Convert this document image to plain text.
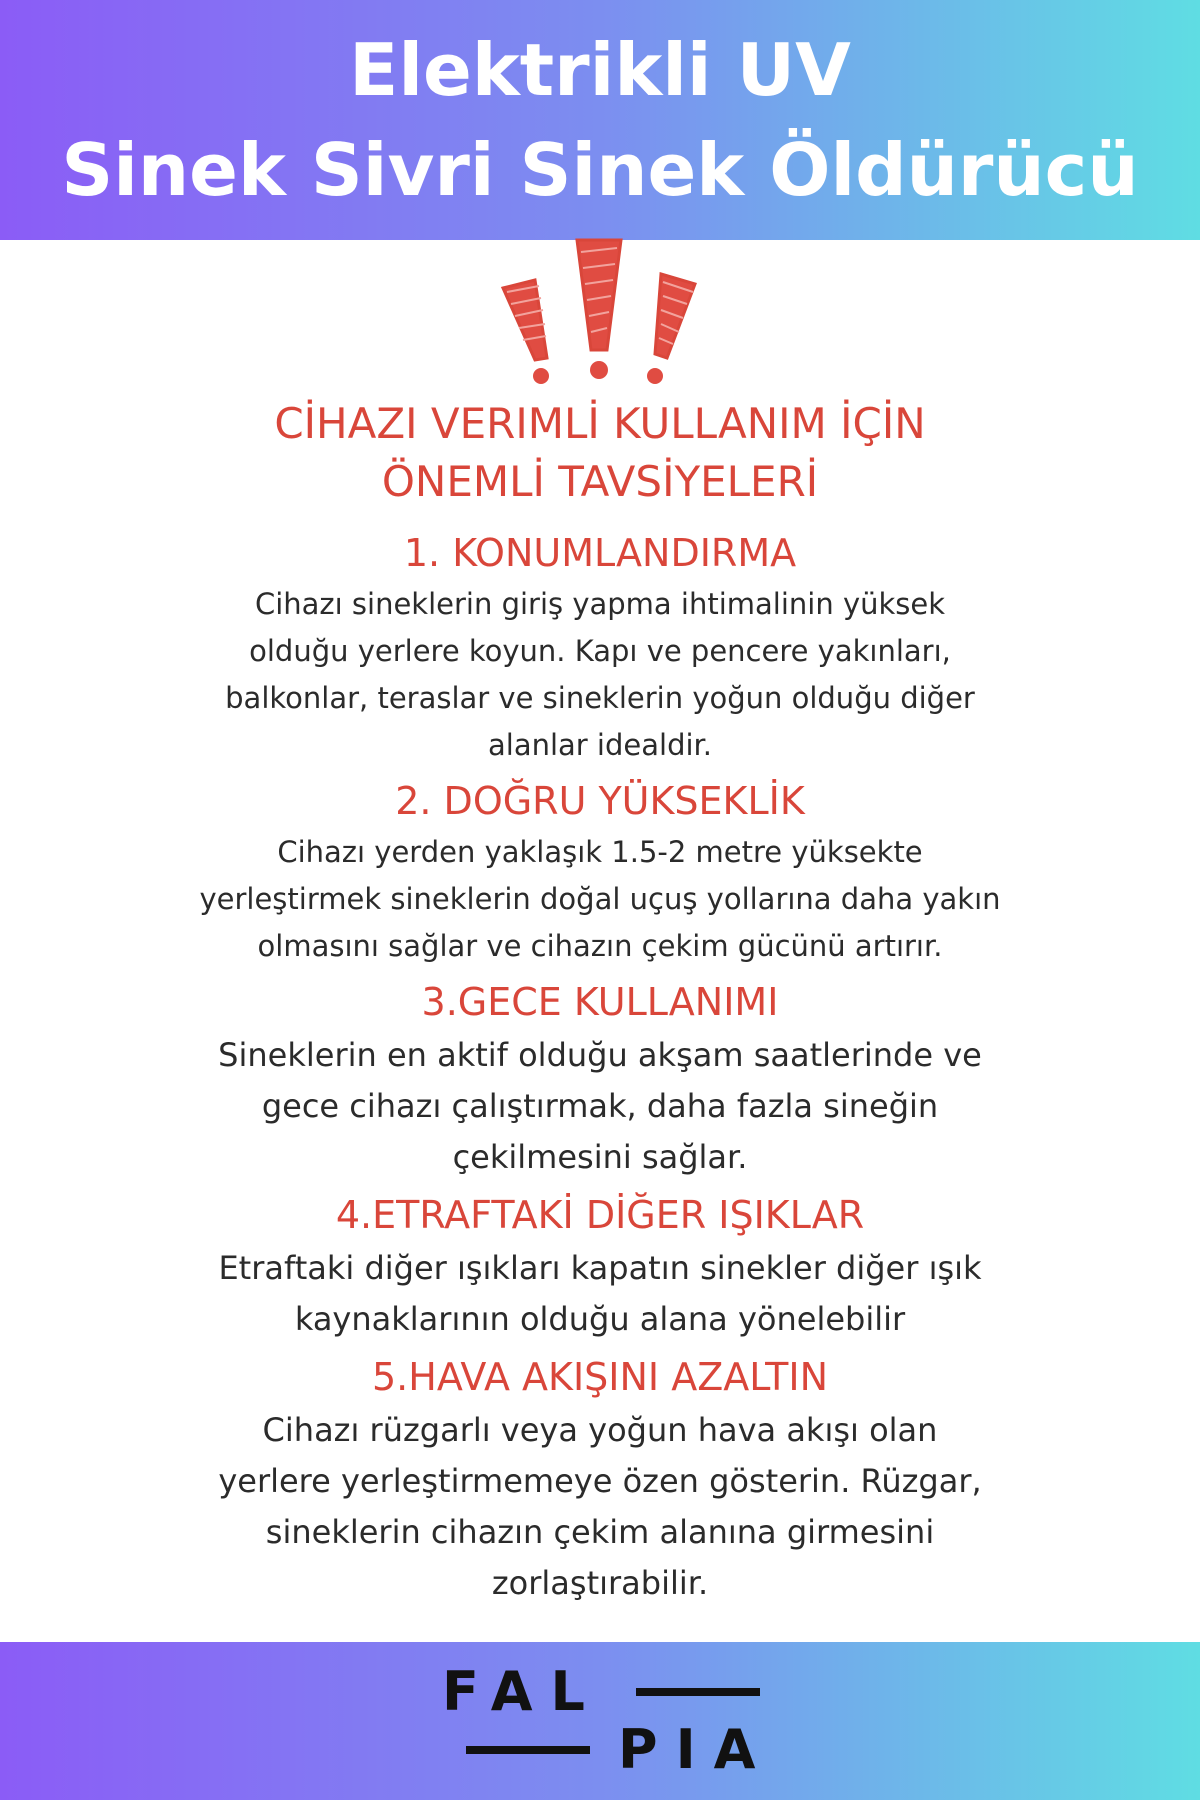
Elektrikli UV
Sinek Sivri Sinek Öldürücü
CİHAZI VERIMLİ KULLANIM İÇİN
ÖNEMLİ TAVSİYELERİ
1. KONUMLANDIRMA
Cihazı sineklerin giriş yapma ihtimalinin yüksek
olduğu yerlere koyun. Kapı ve pencere yakınları,
balkonlar, teraslar ve sineklerin yoğun olduğu diğer
alanlar idealdir.
2. DOĞRU YÜKSEKLİK
Cihazı yerden yaklaşık 1.5-2 metre yüksekte
yerleştirmek sineklerin doğal uçuş yollarına daha yakın
olmasını sağlar ve cihazın çekim gücünü artırır.
3.GECE KULLANIMI
Sineklerin en aktif olduğu akşam saatlerinde ve
gece cihazı çalıştırmak, daha fazla sineğin
çekilmesini sağlar.
4.ETRAFTAKİ DİĞER IŞIKLAR
Etraftaki diğer ışıkları kapatın sinekler diğer ışık
kaynaklarının olduğu alana yönelebilir
5.HAVA AKIŞINI AZALTIN
Cihazı rüzgarlı veya yoğun hava akışı olan
yerlere yerleştirmemeye özen gösterin. Rüzgar,
sineklerin cihazın çekim alanına girmesini
zorlaştırabilir.
FAL
PIA
